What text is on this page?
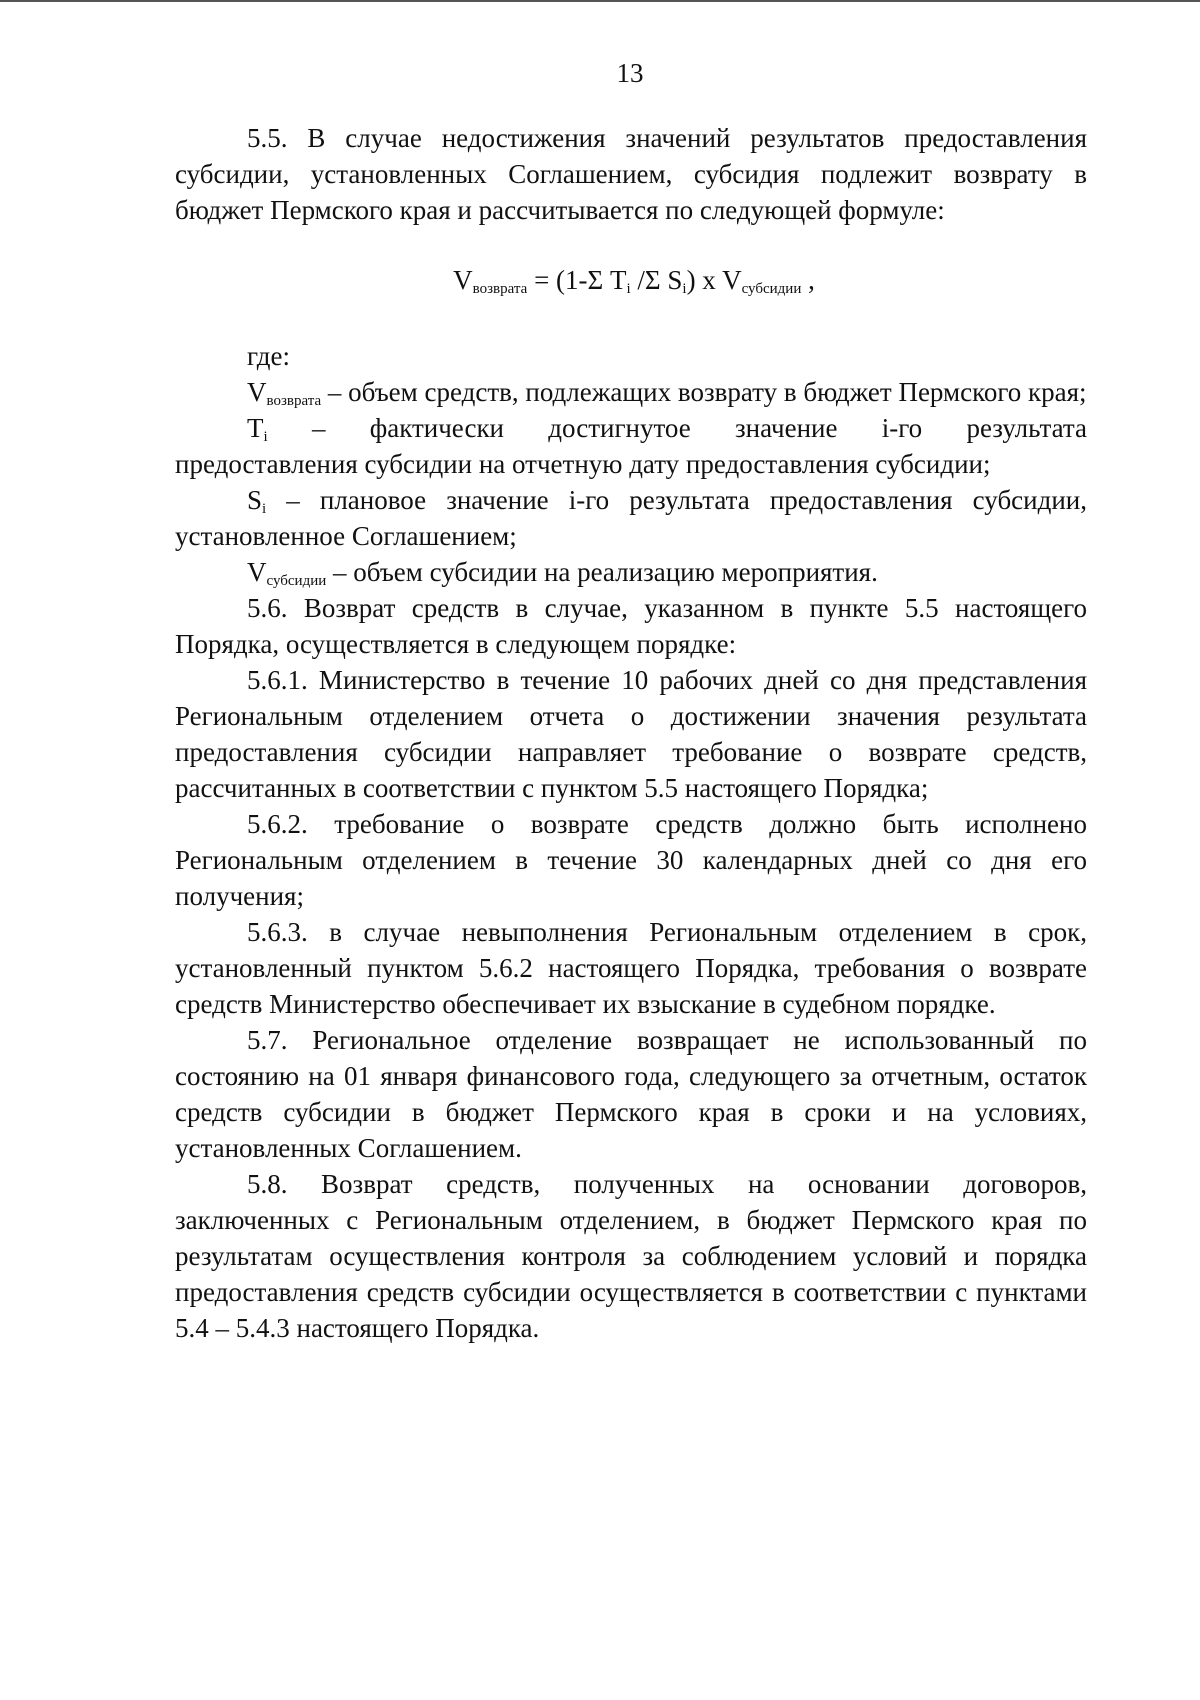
13

5.5. В случае недостижения значений результатов предоставления субсидии, установленных Соглашением, субсидия подлежит возврату в бюджет Пермского края и рассчитывается по следующей формуле:

$V_{возврата} = (1-\Sigma$ $T_i$ /Σ $S_i$) x $V_{субсидии}$ ,

где:

$V_{возврата}$ – объем средств, подлежащих возврату в бюджет Пермского края;

$T_i$ – фактически достигнутое значение i-го результата

предоставления субсидии на отчетную дату предоставления субсидии;

$S_i$ – плановое значение i-го результата предоставления субсидии, установленное Соглашением;

$V_{субсидии}$ – объем субсидии на реализацию мероприятия.

5.6. Возврат средств в случае, указанном в пункте 5.5 настоящего Порядка, осуществляется в следующем порядке:

5.6.1. Министерство в течение 10 рабочих дней со дня представления Региональным отделением отчета о достижении значения результата предоставления субсидии направляет требование о возврате средств, рассчитанных в соответствии с пунктом 5.5 настоящего Порядка;

5.6.2. требование о возврате средств должно быть исполнено Региональным отделением в течение 30 календарных дней со дня его получения;

5.6.3. в случае невыполнения Региональным отделением в срок, установленный пунктом 5.6.2 настоящего Порядка, требования о возврате средств Министерство обеспечивает их взыскание в судебном порядке.

5.7. Региональное отделение возвращает не использованный по состоянию на 01 января финансового года, следующего за отчетным, остаток средств субсидии в бюджет Пермского края в сроки и на условиях, установленных Соглашением.

5.8. Возврат средств, полученных на основании договоров, заключенных с Региональным отделением, в бюджет Пермского края по результатам осуществления контроля за соблюдением условий и порядка предоставления средств субсидии осуществляется в соответствии с пунктами 5.4 – 5.4.3 настоящего Порядка.
